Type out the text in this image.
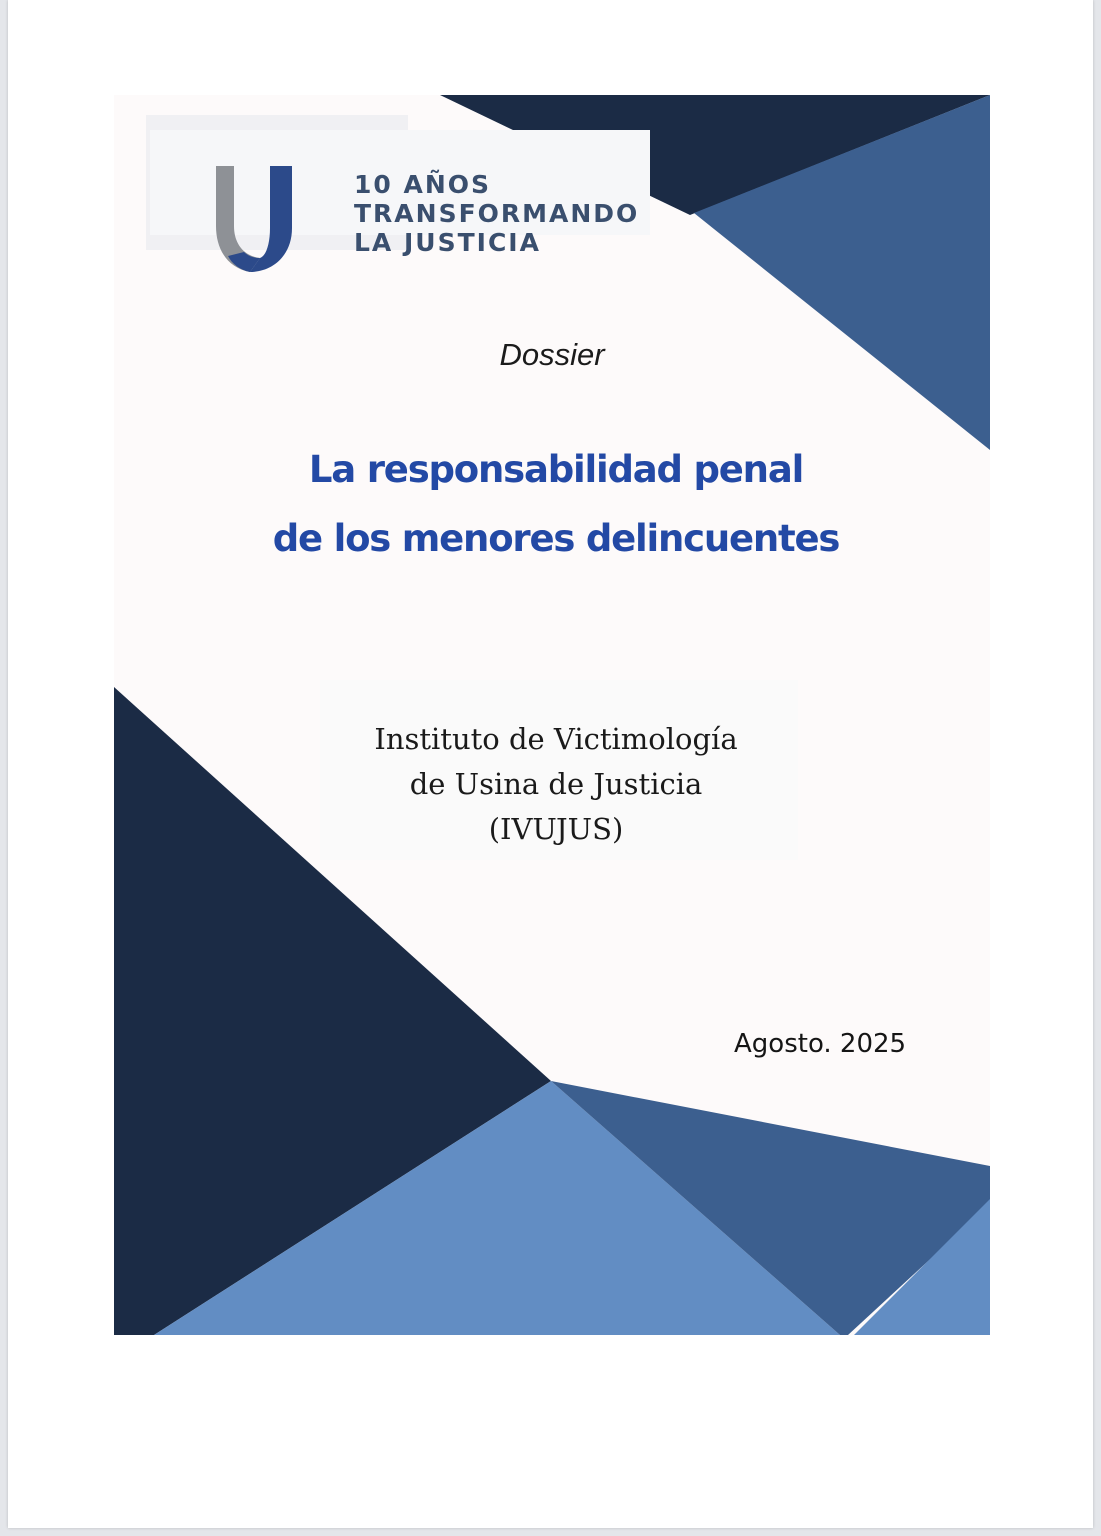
10 AÑOS
TRANSFORMANDO
LA JUSTICIA
Dossier
La responsabilidad penal
de los menores delincuentes
Instituto de Victimología
de Usina de Justicia
(IVUJUS)
Agosto. 2025
